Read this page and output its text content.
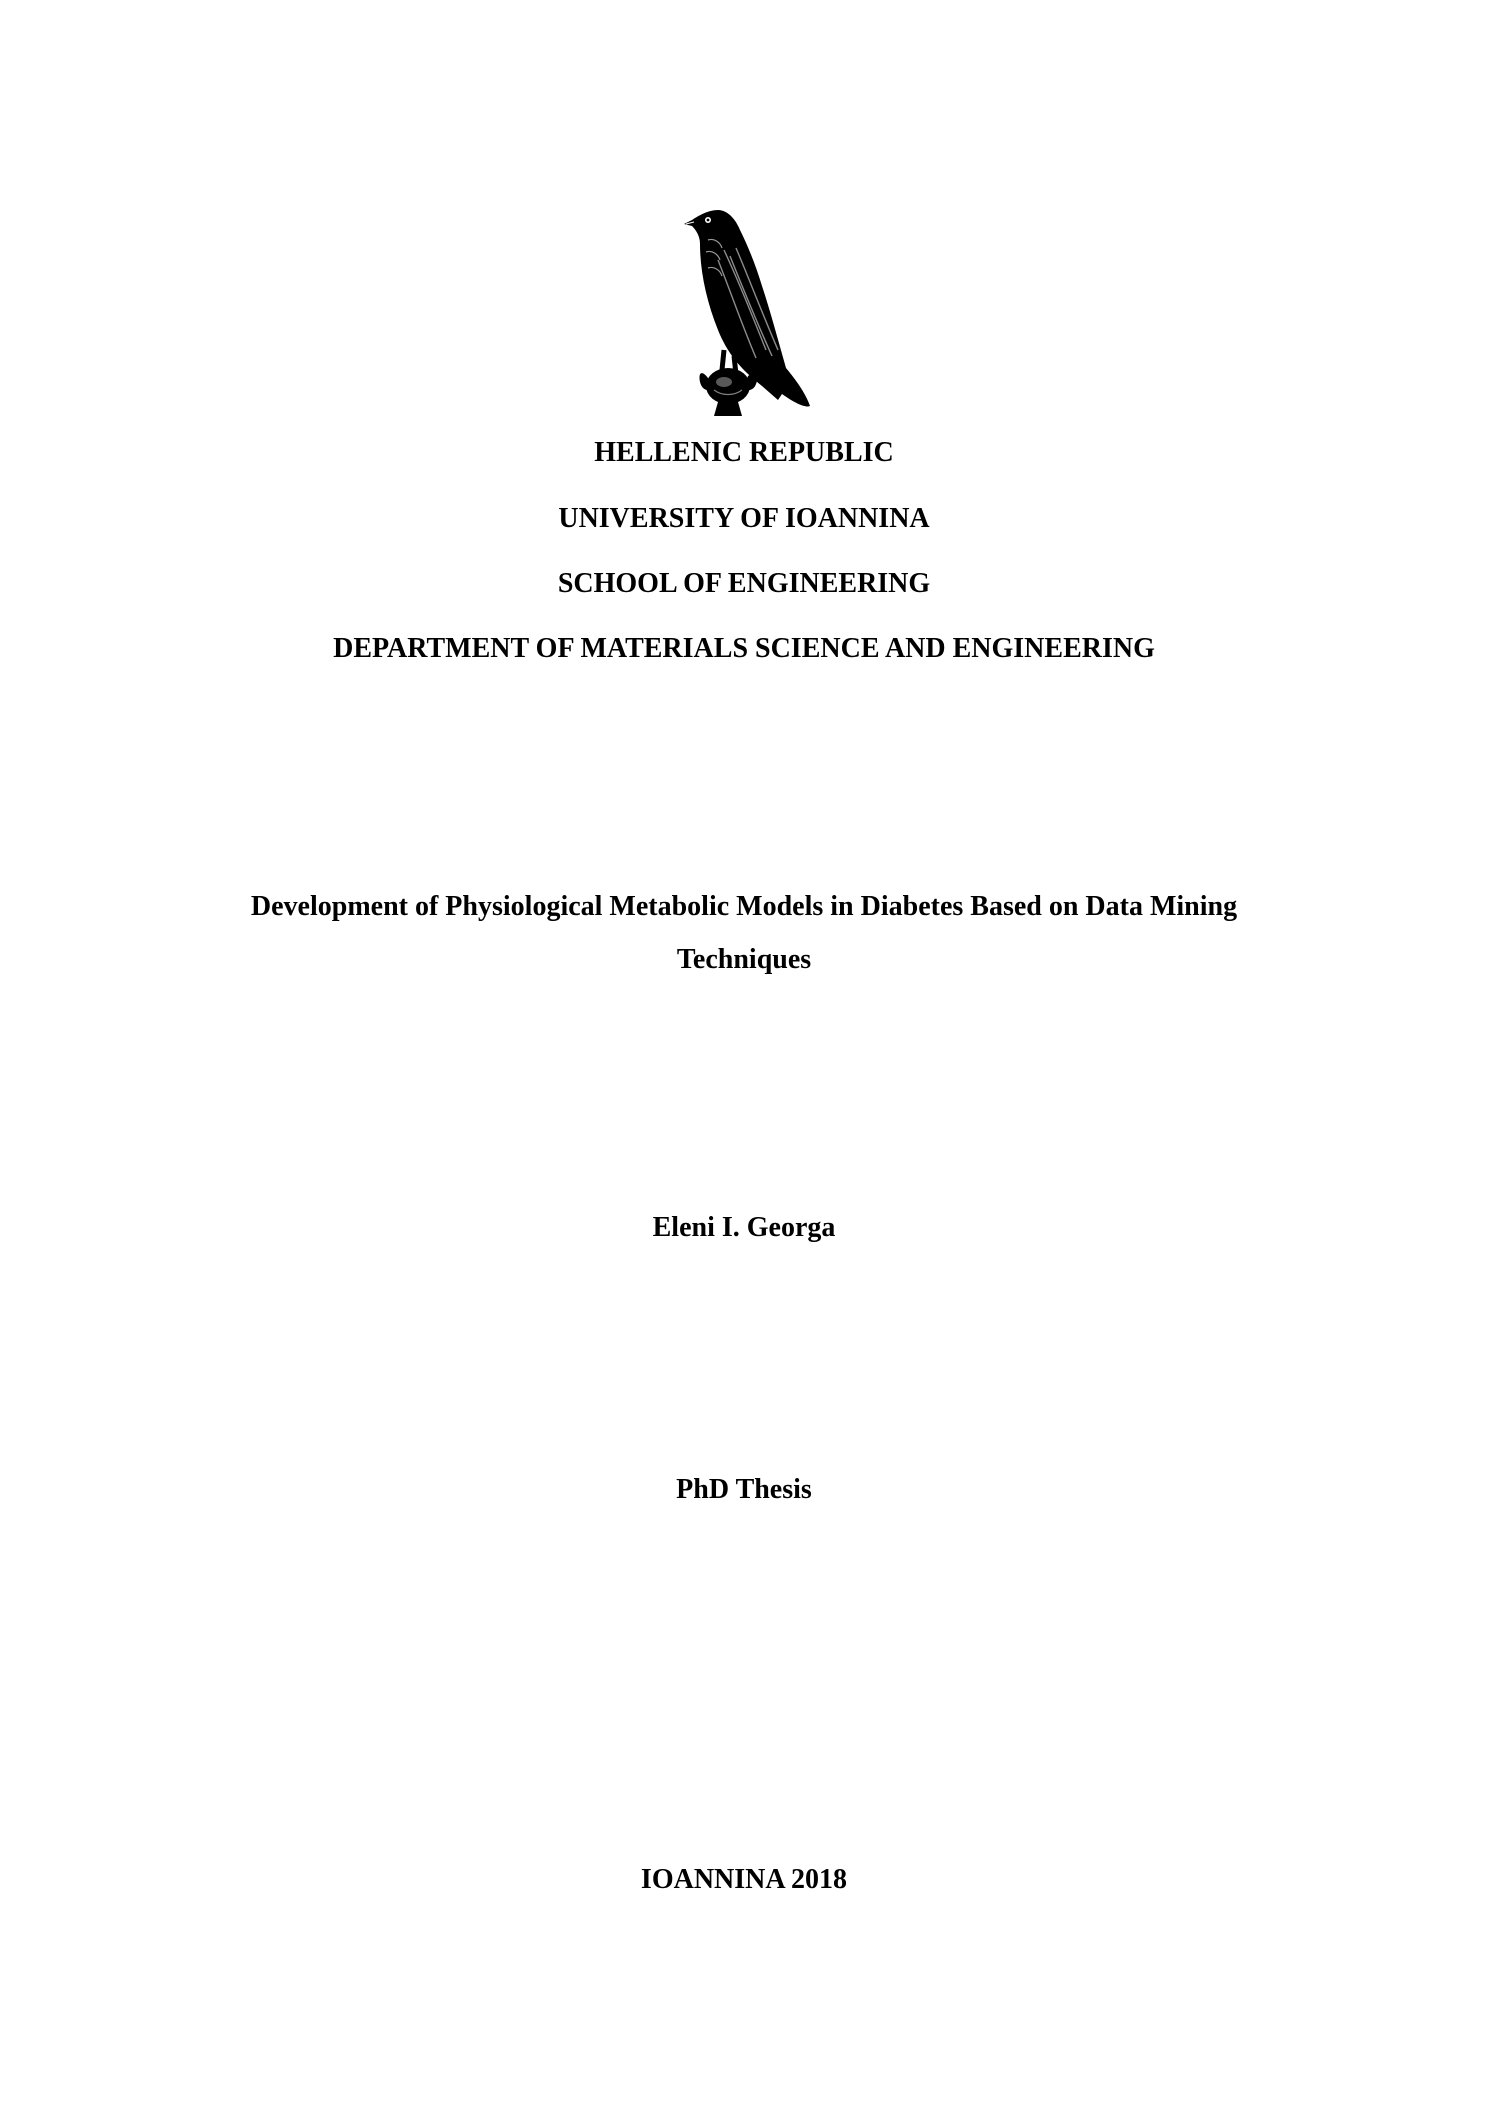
HELLENIC REPUBLIC
UNIVERSITY OF IOANNINA
SCHOOL OF ENGINEERING
DEPARTMENT OF MATERIALS SCIENCE AND ENGINEERING
Development of Physiological Metabolic Models in Diabetes Based on Data Mining
Techniques
Eleni I. Georga
PhD Thesis
IOANNINA 2018
